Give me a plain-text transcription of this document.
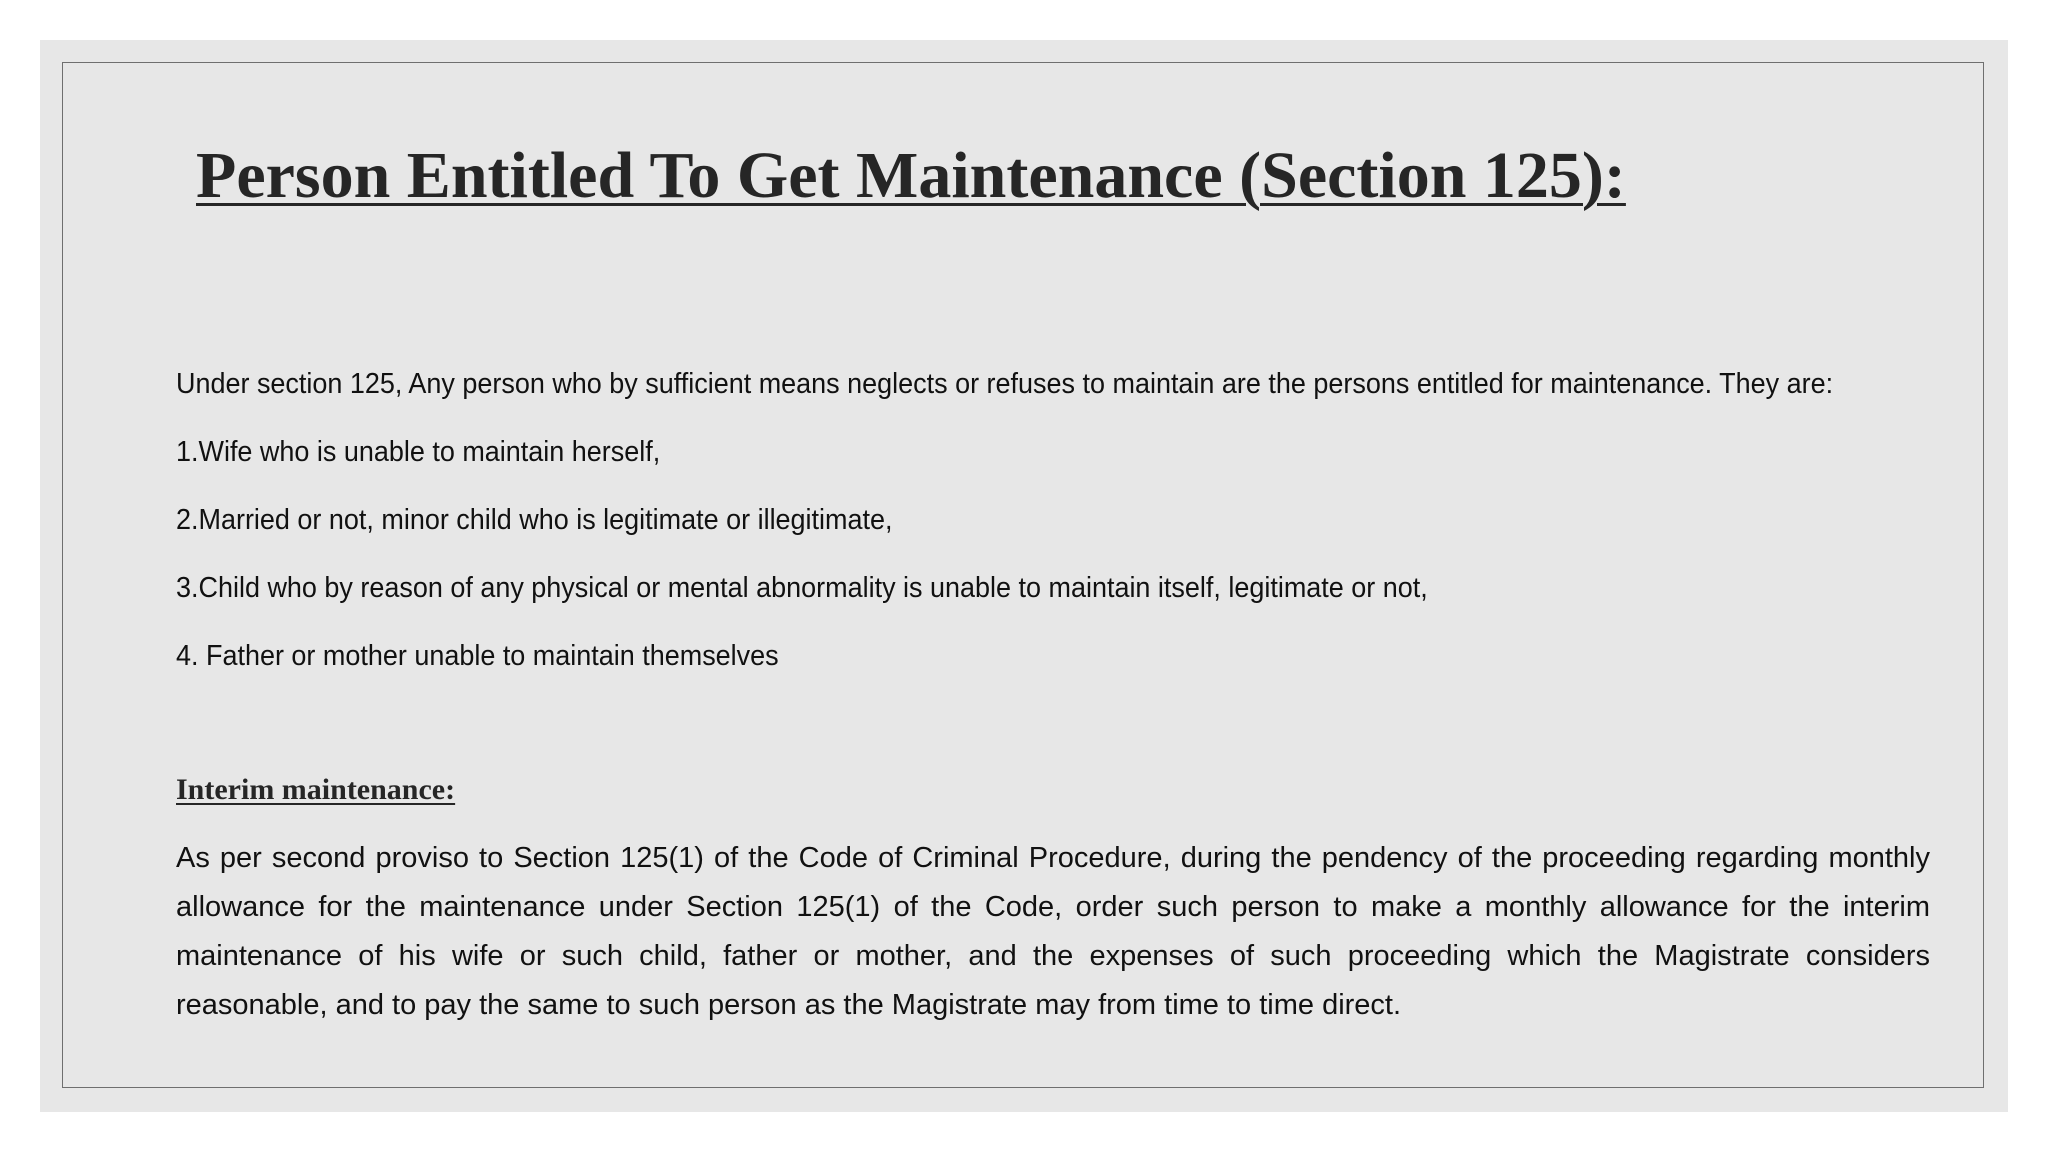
Person Entitled To Get Maintenance (Section 125):

Under section 125, Any person who by sufficient means neglects or refuses to maintain are the persons entitled for maintenance. They are:

1.Wife who is unable to maintain herself,

2.Married or not, minor child who is legitimate or illegitimate,

3.Child who by reason of any physical or mental abnormality is unable to maintain itself, legitimate or not,

4. Father or mother unable to maintain themselves

Interim maintenance:

As per second proviso to Section 125(1) of the Code of Criminal Procedure, during the pendency of the proceeding regarding monthly allowance for the maintenance under Section 125(1) of the Code, order such person to make a monthly allowance for the interim maintenance of his wife or such child, father or mother, and the expenses of such proceeding which the Magistrate considers reasonable, and to pay the same to such person as the Magistrate may from time to time direct.
